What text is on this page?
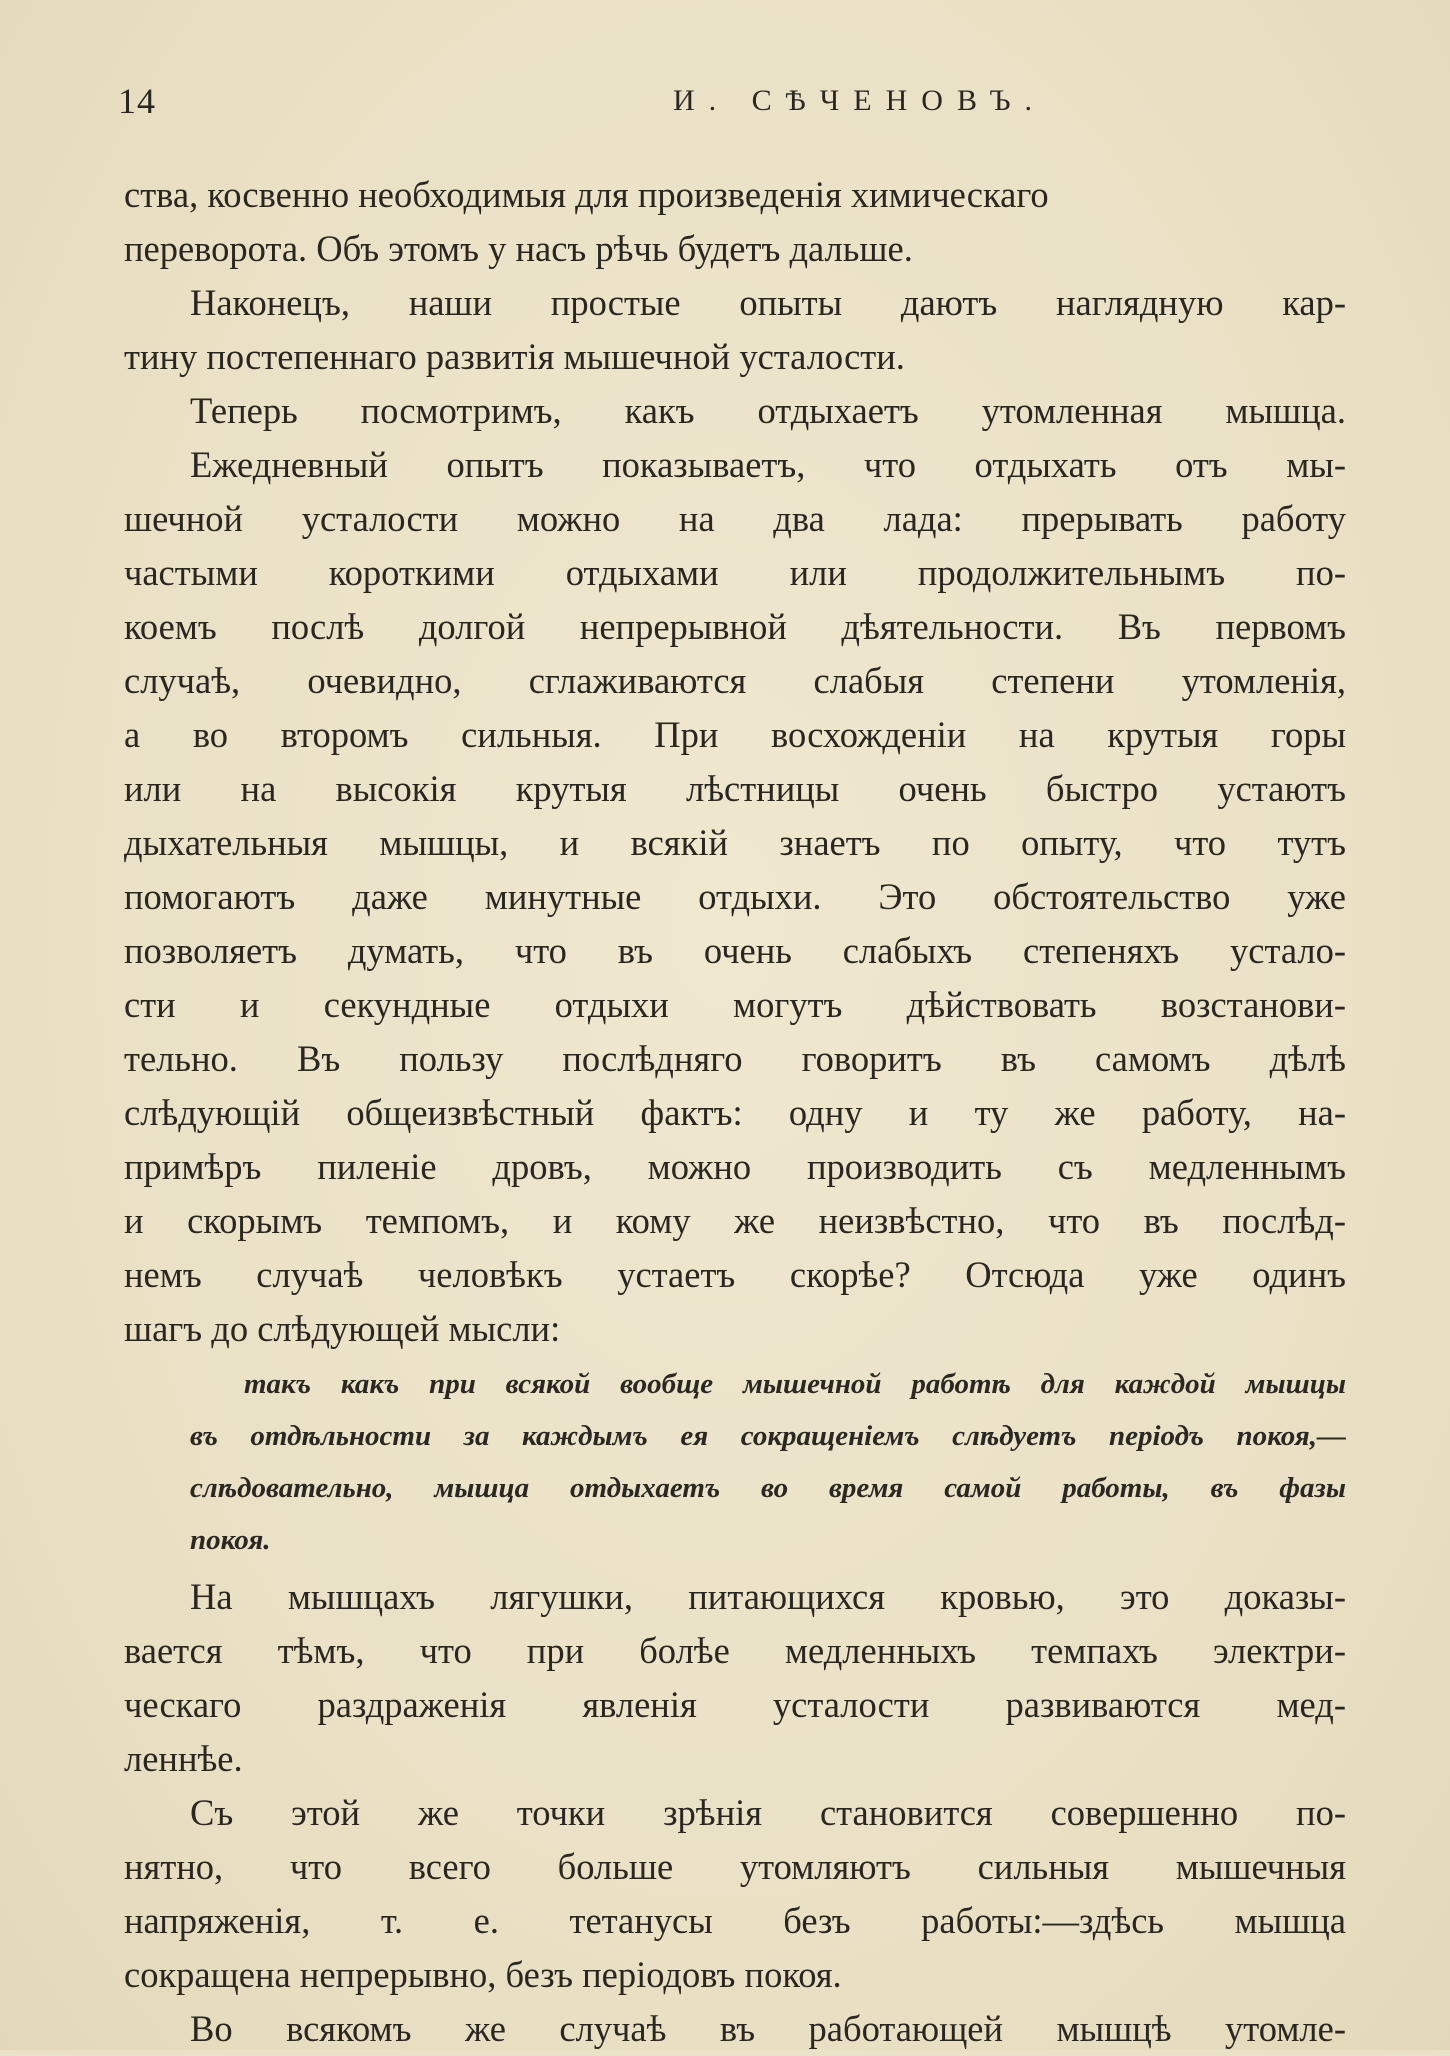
14	И. СѢЧЕНОВЪ.
ства, косвенно необходимыя для произведенія химическаго
переворота. Объ этомъ у насъ рѣчь будетъ дальше.
Наконецъ, наши простые опыты даютъ наглядную кар-
тину постепеннаго развитія мышечной усталости.
Теперь посмотримъ, какъ отдыхаетъ утомленная мышца.
Ежедневный опытъ показываетъ, что отдыхать отъ мы-
шечной усталости можно на два лада: прерывать работу
частыми короткими отдыхами или продолжительнымъ по-
коемъ послѣ долгой непрерывной дѣятельности. Въ первомъ
случаѣ, очевидно, сглаживаются слабыя степени утомленія,
а во второмъ сильныя. При восхожденіи на крутыя горы
или на высокія крутыя лѣстницы очень быстро устаютъ
дыхательныя мышцы, и всякій знаетъ по опыту, что тутъ
помогаютъ даже минутные отдыхи. Это обстоятельство уже
позволяетъ думать, что въ очень слабыхъ степеняхъ устало-
сти и секундные отдыхи могутъ дѣйствовать возстанови-
тельно. Въ пользу послѣдняго говоритъ въ самомъ дѣлѣ
слѣдующій общеизвѣстный фактъ: одну и ту же работу, на-
примѣръ пиленіе дровъ, можно производить съ медленнымъ
и скорымъ темпомъ, и кому же неизвѣстно, что въ послѣд-
немъ случаѣ человѣкъ устаетъ скорѣе? Отсюда уже одинъ
шагъ до слѣдующей мысли:
такъ какъ при всякой вообще мышечной работѣ для каждой мышцы
въ отдѣльности за каждымъ ея сокращеніемъ слѣдуетъ періодъ покоя,—
слѣдовательно, мышца отдыхаетъ во время самой работы, въ фазы
покоя.
На мышцахъ лягушки, питающихся кровью, это доказы-
вается тѣмъ, что при болѣе медленныхъ темпахъ электри-
ческаго раздраженія явленія усталости развиваются мед-
леннѣе.
Съ этой же точки зрѣнія становится совершенно по-
нятно, что всего больше утомляютъ сильныя мышечныя
напряженія, т. е. тетанусы безъ работы:—здѣсь мышца
сокращена непрерывно, безъ періодовъ покоя.
Во всякомъ же случаѣ въ работающей мышцѣ утомле-
